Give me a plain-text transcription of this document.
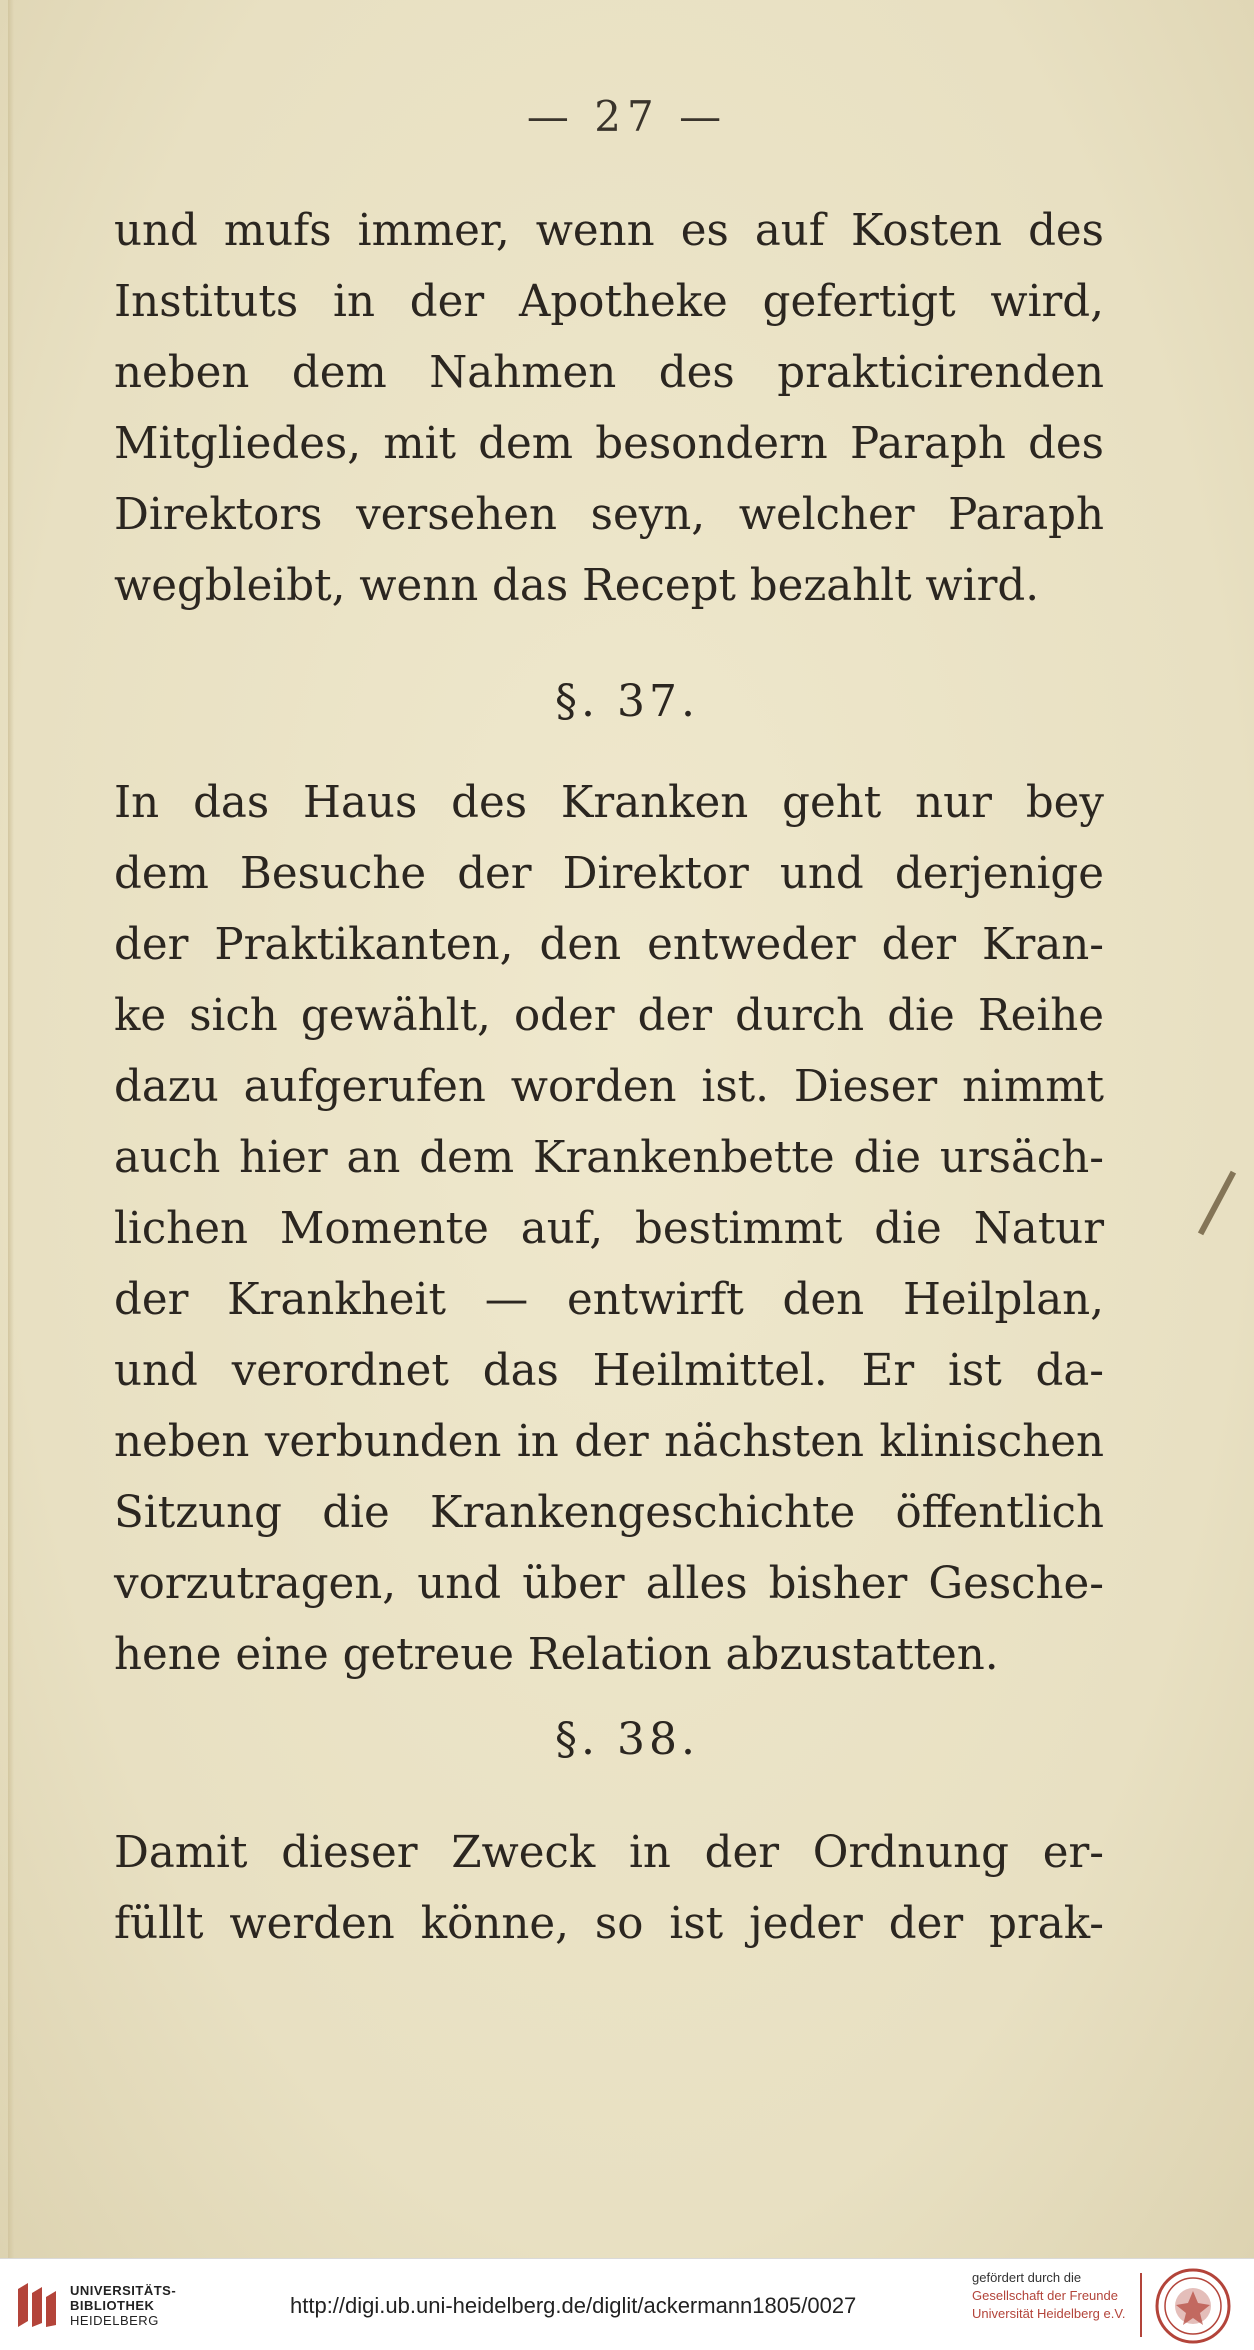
— 27 —
und mufs immer, wenn es auf Kosten des
Instituts in der Apotheke gefertigt wird,
neben dem Nahmen des prakticirenden
Mitgliedes, mit dem besondern Paraph des
Direktors versehen seyn, welcher Paraph
wegbleibt, wenn das Recept bezahlt wird.
§. 37.
In das Haus des Kranken geht nur bey
dem Besuche der Direktor und derjenige
der Praktikanten, den entweder der Kran-
ke sich gewählt, oder der durch die Reihe
dazu aufgerufen worden ist. Dieser nimmt
auch hier an dem Krankenbette die ursäch-
lichen Momente auf, bestimmt die Natur
der Krankheit — entwirft den Heilplan,
und verordnet das Heilmittel. Er ist da-
neben verbunden in der nächsten klinischen
Sitzung die Krankengeschichte öffentlich
vorzutragen, und über alles bisher Gesche-
hene eine getreue Relation abzustatten.
§. 38.
Damit dieser Zweck in der Ordnung er-
füllt werden könne, so ist jeder der prak-
UNIVERSITÄTS-
BIBLIOTHEK
HEIDELBERG
http://digi.ub.uni-heidelberg.de/diglit/ackermann1805/0027
gefördert durch die
Gesellschaft der Freunde
Universität Heidelberg e.V.
